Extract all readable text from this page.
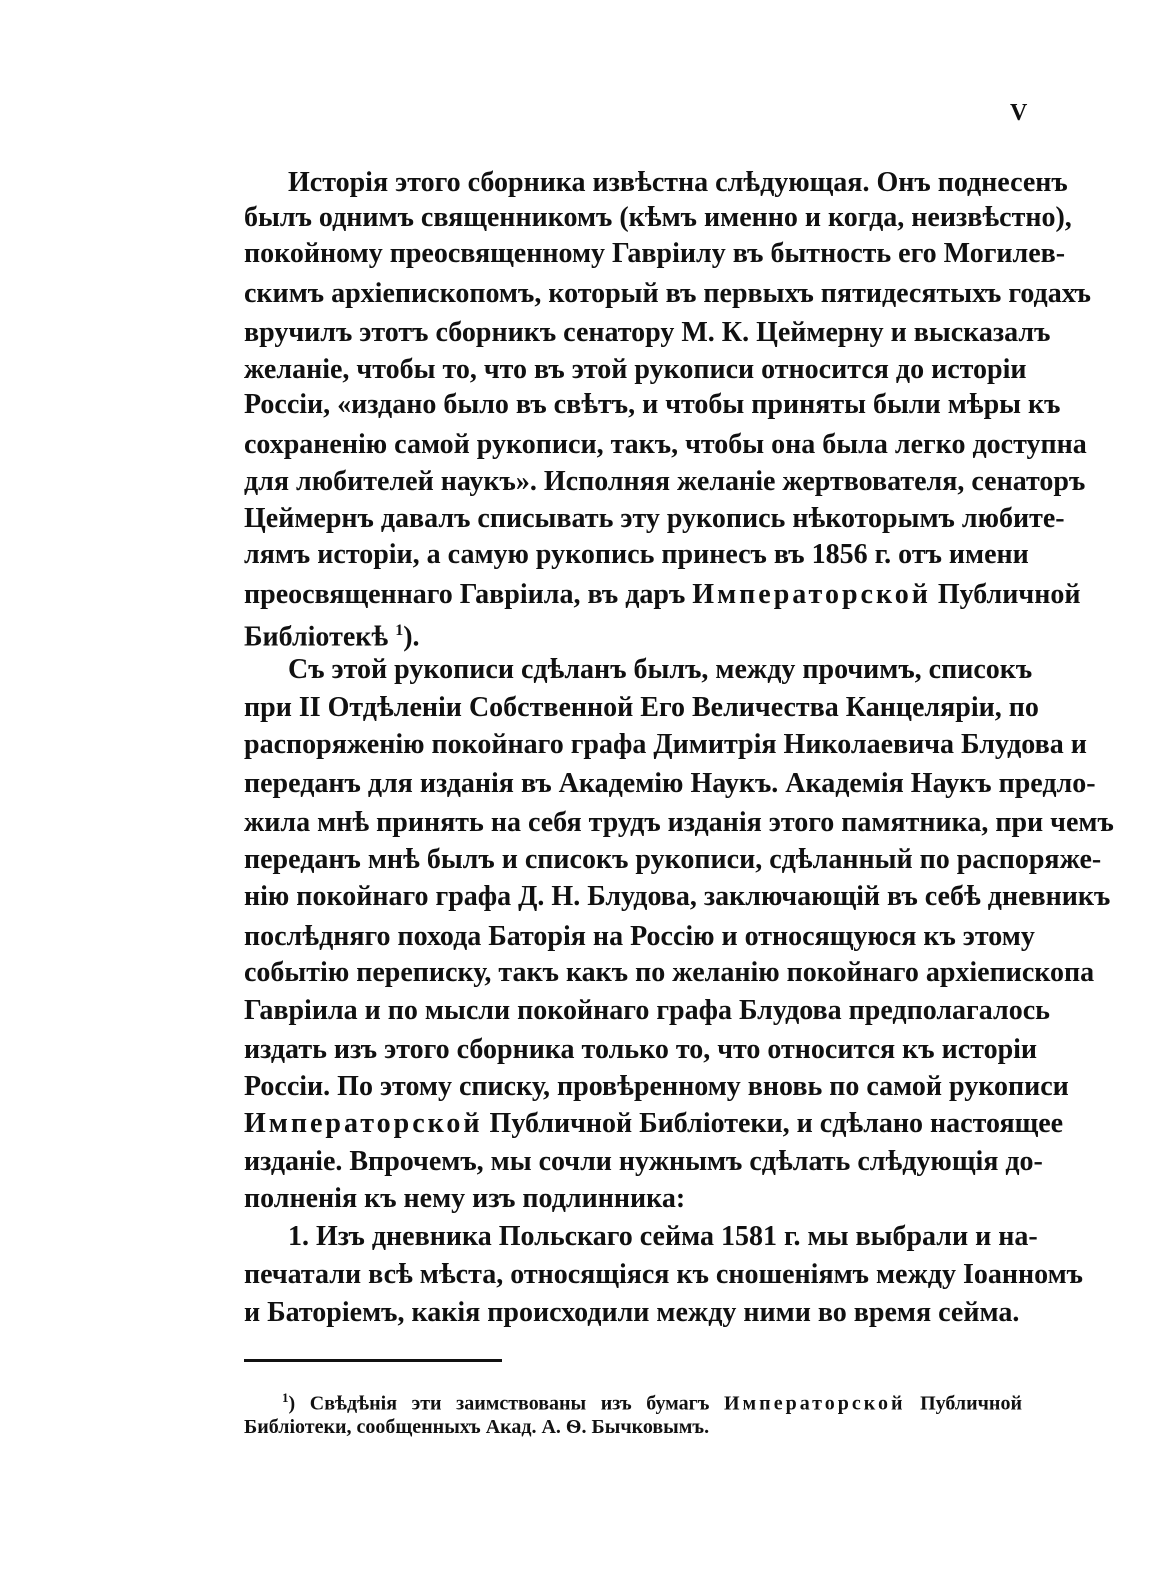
V
Исторія этого сборника извѣстна слѣдующая. Онъ поднесенъ
былъ однимъ священникомъ (кѣмъ именно и когда, неизвѣстно),
покойному преосвященному Гавріилу въ бытность его Могилев-
скимъ архіепископомъ, который въ первыхъ пятидесятыхъ годахъ
вручилъ этотъ сборникъ сенатору М. К. Цеймерну и высказалъ
желаніе, чтобы то, что въ этой рукописи относится до исторіи
Россіи, «издано было въ свѣтъ, и чтобы приняты были мѣры къ
сохраненію самой рукописи, такъ, чтобы она была легко доступна
для любителей наукъ». Исполняя желаніе жертвователя, сенаторъ
Цеймернъ давалъ списывать эту рукопись нѣкоторымъ любите-
лямъ исторіи, а самую рукопись принесъ въ 1856 г. отъ имени
преосвященнаго Гавріила, въ даръ Императорской Публичной
Библіотекѣ $^1$).
Съ этой рукописи сдѣланъ былъ, между прочимъ, списокъ
при II Отдѣленіи Собственной Его Величества Канцеляріи, по
распоряженію покойнаго графа Димитрія Николаевича Блудова и
переданъ для изданія въ Академію Наукъ. Академія Наукъ предло-
жила мнѣ принять на себя трудъ изданія этого памятника, при чемъ
переданъ мнѣ былъ и списокъ рукописи, сдѣланный по распоряже-
нію покойнаго графа Д. Н. Блудова, заключающій въ себѣ дневникъ
послѣдняго похода Баторія на Россію и относящуюся къ этому
событію переписку, такъ какъ по желанію покойнаго архіепископа
Гавріила и по мысли покойнаго графа Блудова предполагалось
издать изъ этого сборника только то, что относится къ исторіи
Россіи. По этому списку, провѣренному вновь по самой рукописи
Императорской Публичной Библіотеки, и сдѣлано настоящее
изданіе. Впрочемъ, мы сочли нужнымъ сдѣлать слѣдующія до-
полненія къ нему изъ подлинника:
1. Изъ дневника Польскаго сейма 1581 г. мы выбрали и на-
печатали всѣ мѣста, относящіяся къ сношеніямъ между Іоанномъ
и Баторіемъ, какія происходили между ними во время сейма.
$^1$) Свѣдѣнія эти заимствованы изъ бумагъ Императорской Публичной
Библіотеки, сообщенныхъ Акад. А. Ѳ. Бычковымъ.
